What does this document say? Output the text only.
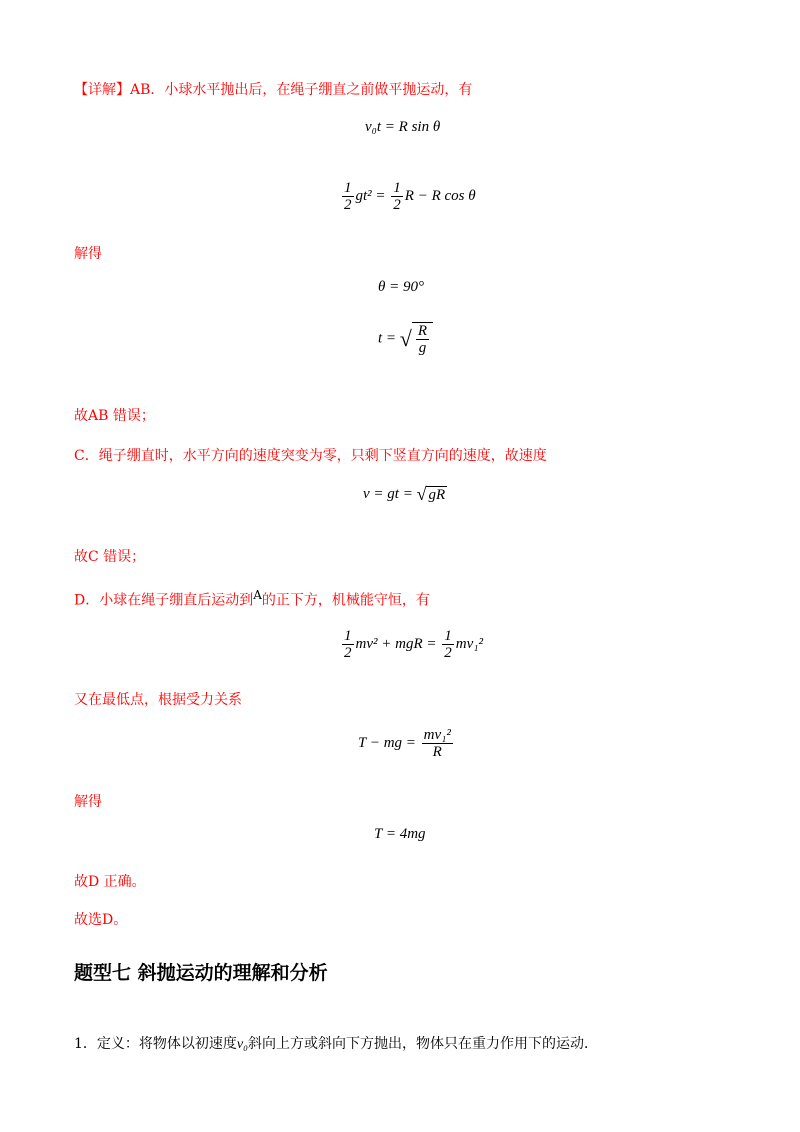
【详解】AB．小球水平抛出后，在绳子绷直之前做平抛运动，有
v₀t = R sin θ
$\frac{1}{2} gt^2 = \frac{1}{2}$ R − R cos θ
解得
θ = 90°
t = √ $\frac{R}{g}$
故AB 错误；
C．绳子绷直时，水平方向的速度突变为零，只剩下竖直方向的速度，故速度
v = gt = √ gR
故C 错误；
D．小球在绳子绷直后运动到A的正下方，机械能守恒，有
$\frac{1}{2} mv^2$ + mgR = $\frac{1}{2} mv_1^2$
又在最低点，根据受力关系
T − mg = $\frac{\text{mv₁²}}{R}$
解得
T = 4mg
故D 正确。
故选D。
题型七 斜抛运动的理解和分析
1．定义：将物体以初速度v₀斜向上方或斜向下方抛出，物体只在重力作用下的运动．
